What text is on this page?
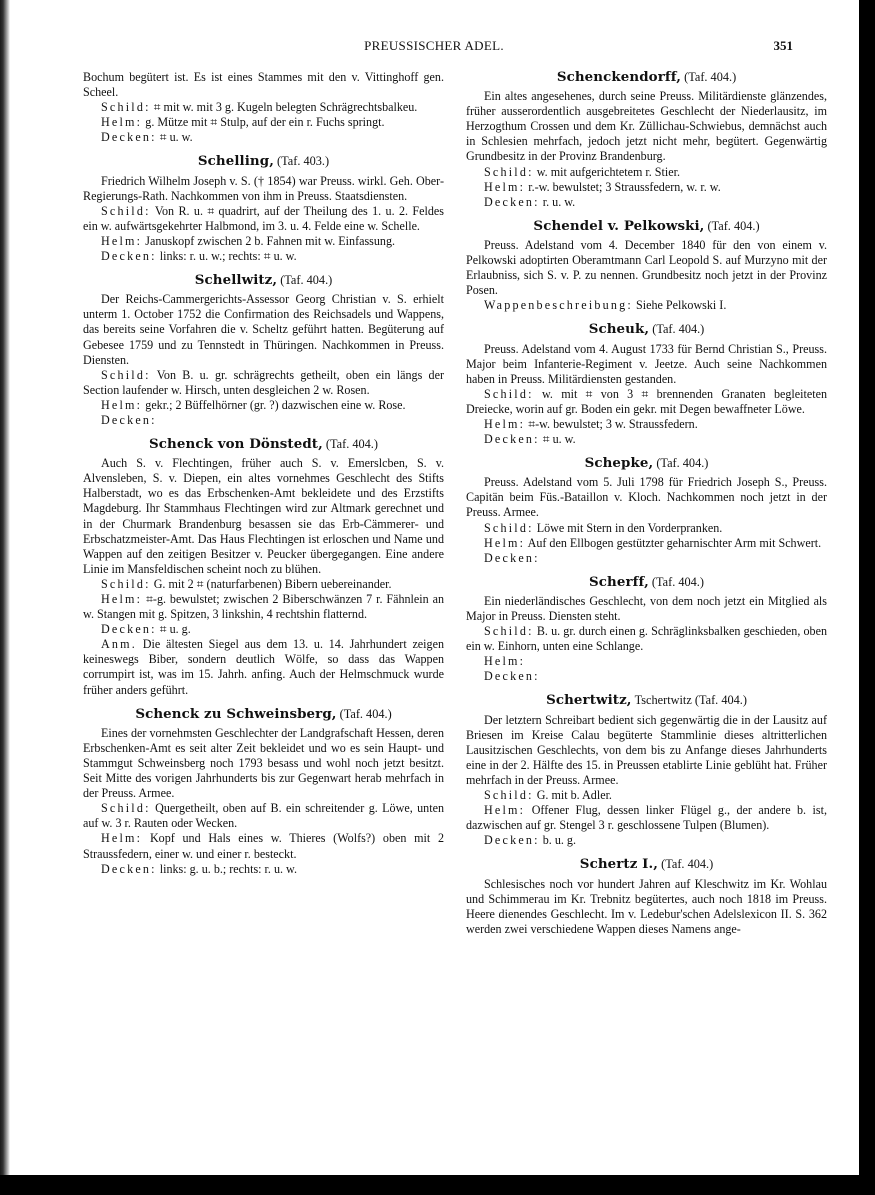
PREUSSISCHER ADEL.	351

Bochum begütert ist. Es ist eines Stammes mit den v. Vittinghoff gen. Scheel.

Schild: ⌗ mit w. mit 3 g. Kugeln belegten Schrägrechtsbalkeu.

Helm: g. Mütze mit ⌗ Stulp, auf der ein r. Fuchs springt.

Decken: ⌗ u. w.

Schelling, (Taf. 403.)

Friedrich Wilhelm Joseph v. S. († 1854) war Preuss. wirkl. Geh. Ober-Regierungs-Rath. Nachkommen von ihm in Preuss. Staatsdiensten.

Schild: Von R. u. ⌗ quadrirt, auf der Theilung des 1. u. 2. Feldes ein w. aufwärtsgekehrter Halbmond, im 3. u. 4. Felde eine w. Schelle.

Helm: Januskopf zwischen 2 b. Fahnen mit w. Einfassung.

Decken: links: r. u. w.; rechts: ⌗ u. w.

Schellwitz, (Taf. 404.)

Der Reichs-Cammergerichts-Assessor Georg Christian v. S. erhielt unterm 1. October 1752 die Confirmation des Reichsadels und Wappens, das bereits seine Vorfahren die v. Scheltz geführt hatten. Begüterung auf Gebesee 1759 und zu Tennstedt in Thüringen. Nachkommen in Preuss. Diensten.

Schild: Von B. u. gr. schrägrechts getheilt, oben ein längs der Section laufender w. Hirsch, unten desgleichen 2 w. Rosen.

Helm: gekr.; 2 Büffelhörner (gr. ?) dazwischen eine w. Rose.

Decken:

Schenck von Dönstedt, (Taf. 404.)

Auch S. v. Flechtingen, früher auch S. v. Emerslcben, S. v. Alvensleben, S. v. Diepen, ein altes vornehmes Geschlecht des Stifts Halberstadt, wo es das Erbschenken-Amt bekleidete und des Erzstifts Magdeburg. Ihr Stammhaus Flechtingen wird zur Altmark gerechnet und in der Churmark Brandenburg besassen sie das Erb-Cämmerer- und Erbschatzmeister-Amt. Das Haus Flechtingen ist erloschen und Name und Wappen auf den zeitigen Besitzer v. Peucker übergegangen. Eine andere Linie im Mansfeldischen scheint noch zu blühen.

Schild: G. mit 2 ⌗ (naturfarbenen) Bibern uebereinander.

Helm: ⌗-g. bewulstet; zwischen 2 Biberschwänzen 7 r. Fähnlein an w. Stangen mit g. Spitzen, 3 linkshin, 4 rechtshin flatternd.

Decken: ⌗ u. g.

Anm. Die ältesten Siegel aus dem 13. u. 14. Jahrhundert zeigen keineswegs Biber, sondern deutlich Wölfe, so dass das Wappen corrumpirt ist, was im 15. Jahrh. anfing. Auch der Helmschmuck wurde früher anders geführt.

Schenck zu Schweinsberg, (Taf. 404.)

Eines der vornehmsten Geschlechter der Landgrafschaft Hessen, deren Erbschenken-Amt es seit alter Zeit bekleidet und wo es sein Haupt- und Stammgut Schweinsberg noch 1793 besass und wohl noch jetzt besitzt. Seit Mitte des vorigen Jahrhunderts bis zur Gegenwart herab mehrfach in der Preuss. Armee.

Schild: Quergetheilt, oben auf B. ein schreitender g. Löwe, unten auf w. 3 r. Rauten oder Wecken.

Helm: Kopf und Hals eines w. Thieres (Wolfs?) oben mit 2 Straussfedern, einer w. und einer r. besteckt.

Decken: links: g. u. b.; rechts: r. u. w.

Schenckendorff, (Taf. 404.)

Ein altes angesehenes, durch seine Preuss. Militärdienste glänzendes, früher ausserordentlich ausgebreitetes Geschlecht der Niederlausitz, im Herzogthum Crossen und dem Kr. Züllichau-Schwiebus, demnächst auch in Schlesien mehrfach, jedoch jetzt nicht mehr, begütert. Gegenwärtig Grundbesitz in der Provinz Brandenburg.

Schild: w. mit aufgerichtetem r. Stier.

Helm: r.-w. bewulstet; 3 Straussfedern, w. r. w.

Decken: r. u. w.

Schendel v. Pelkowski, (Taf. 404.)

Preuss. Adelstand vom 4. December 1840 für den von einem v. Pelkowski adoptirten Oberamtmann Carl Leopold S. auf Murzyno mit der Erlaubniss, sich S. v. P. zu nennen. Grundbesitz noch jetzt in der Provinz Posen.

Wappenbeschreibung: Siehe Pelkowski I.

Scheuk, (Taf. 404.)

Preuss. Adelstand vom 4. August 1733 für Bernd Christian S., Preuss. Major beim Infanterie-Regiment v. Jeetze. Auch seine Nachkommen haben in Preuss. Militärdiensten gestanden.

Schild: w. mit ⌗ von 3 ⌗ brennenden Granaten begleiteten Dreiecke, worin auf gr. Boden ein gekr. mit Degen bewaffneter Löwe.

Helm: ⌗-w. bewulstet; 3 w. Straussfedern.

Decken: ⌗ u. w.

Schepke, (Taf. 404.)

Preuss. Adelstand vom 5. Juli 1798 für Friedrich Joseph S., Preuss. Capitän beim Füs.-Bataillon v. Kloch. Nachkommen noch jetzt in der Preuss. Armee.

Schild: Löwe mit Stern in den Vorderpranken.

Helm: Auf den Ellbogen gestützter geharnischter Arm mit Schwert.

Decken:

Scherff, (Taf. 404.)

Ein niederländisches Geschlecht, von dem noch jetzt ein Mitglied als Major in Preuss. Diensten steht.

Schild: B. u. gr. durch einen g. Schräglinksbalken geschieden, oben ein w. Einhorn, unten eine Schlange.

Helm:

Decken:

Schertwitz, Tschertwitz (Taf. 404.)

Der letztern Schreibart bedient sich gegenwärtig die in der Lausitz auf Briesen im Kreise Calau begüterte Stammlinie dieses altritterlichen Lausitzischen Geschlechts, von dem bis zu Anfange dieses Jahrhunderts eine in der 2. Hälfte des 15. in Preussen etablirte Linie geblüht hat. Früher mehrfach in der Preuss. Armee.

Schild: G. mit b. Adler.

Helm: Offener Flug, dessen linker Flügel g., der andere b. ist, dazwischen auf gr. Stengel 3 r. geschlossene Tulpen (Blumen).

Decken: b. u. g.

Schertz I., (Taf. 404.)

Schlesisches noch vor hundert Jahren auf Kleschwitz im Kr. Wohlau und Schimmerau im Kr. Trebnitz begütertes, auch noch 1818 im Preuss. Heere dienendes Geschlecht. Im v. Ledebur'schen Adelslexicon II. S. 362 werden zwei verschiedene Wappen dieses Namens ange-
